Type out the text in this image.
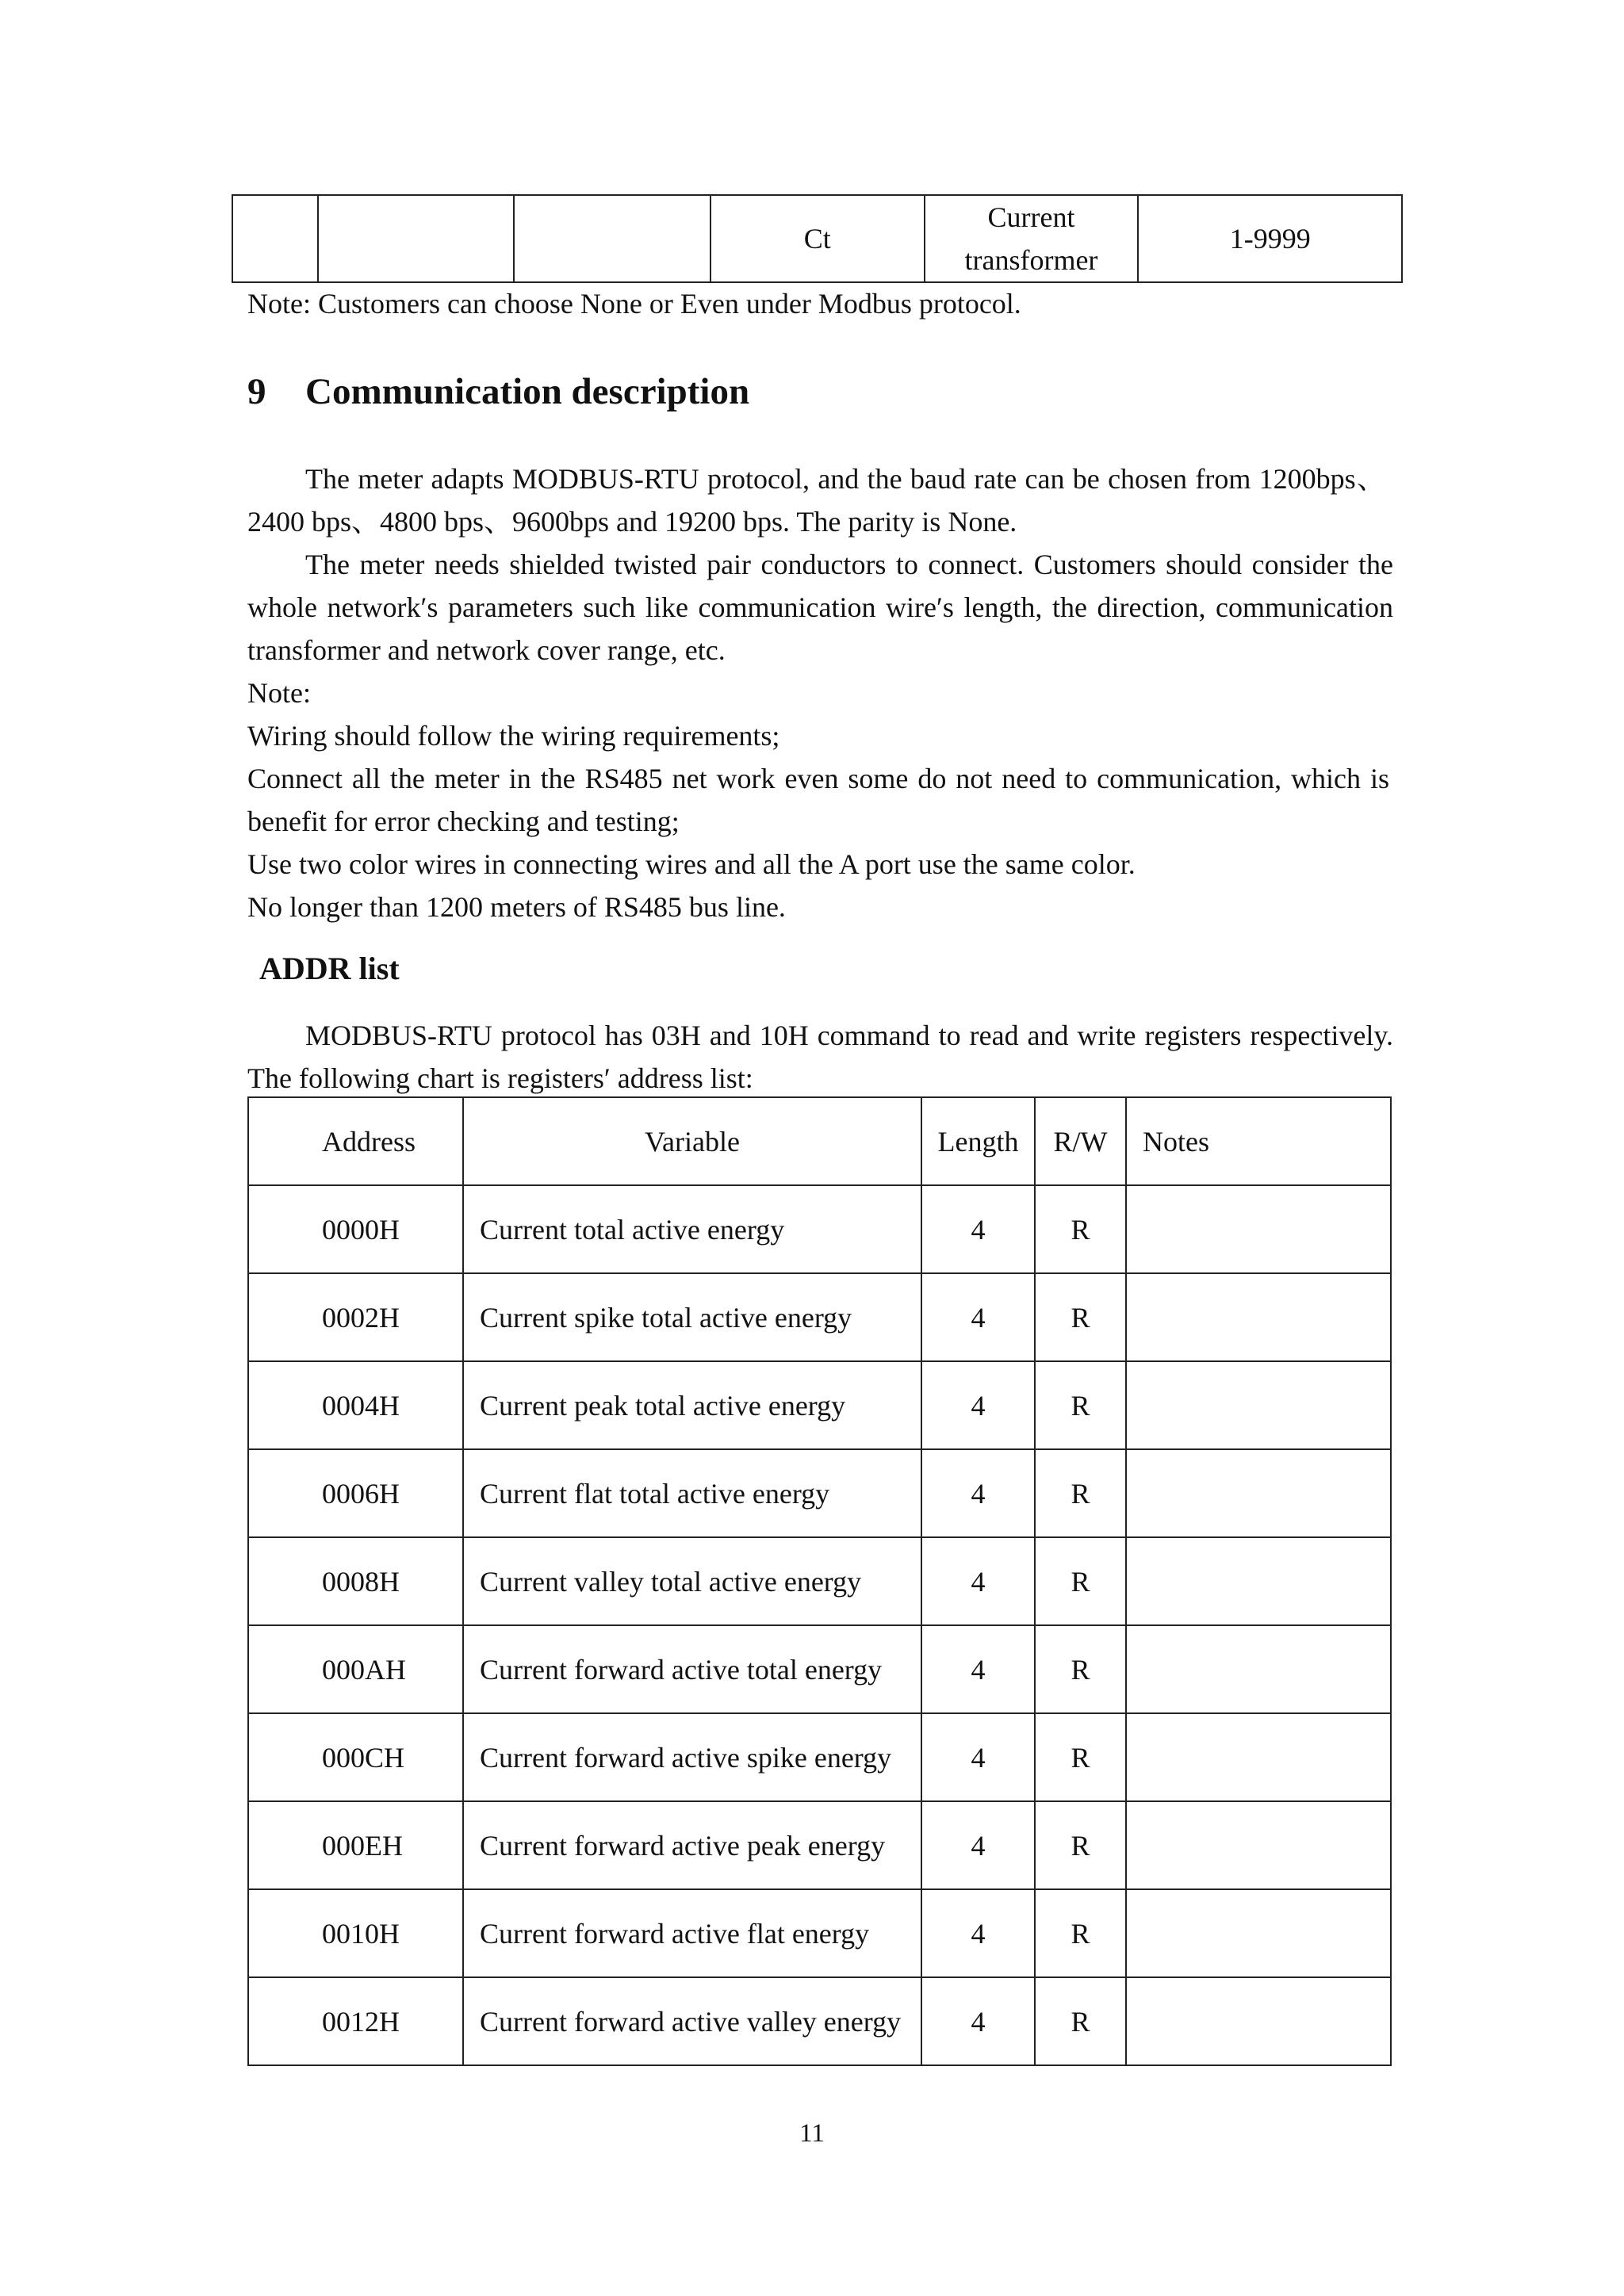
			Ct	Current transformer	1-9999
Note: Customers can choose None or Even under Modbus protocol.
9 Communication description
The meter adapts MODBUS-RTU protocol, and the baud rate can be chosen from 1200bps、
2400 bps、4800 bps、9600bps and 19200 bps. The parity is None.
The meter needs shielded twisted pair conductors to connect. Customers should consider the
whole network′s parameters such like communication wire′s length, the direction, communication
transformer and network cover range, etc.
Note:
Wiring should follow the wiring requirements;
Connect all the meter in the RS485 net work even some do not need to communication, which is
benefit for error checking and testing;
Use two color wires in connecting wires and all the A port use the same color.
No longer than 1200 meters of RS485 bus line.
ADDR list
MODBUS-RTU protocol has 03H and 10H command to read and write registers respectively.
The following chart is registers′ address list:
Address	Variable	Length	R/W	Notes
0000H	Current total active energy	4	R	
0002H	Current spike total active energy	4	R	
0004H	Current peak total active energy	4	R	
0006H	Current flat total active energy	4	R	
0008H	Current valley total active energy	4	R	
000AH	Current forward active total energy	4	R	
000CH	Current forward active spike energy	4	R	
000EH	Current forward active peak energy	4	R	
0010H	Current forward active flat energy	4	R	
0012H	Current forward active valley energy	4	R	
11
